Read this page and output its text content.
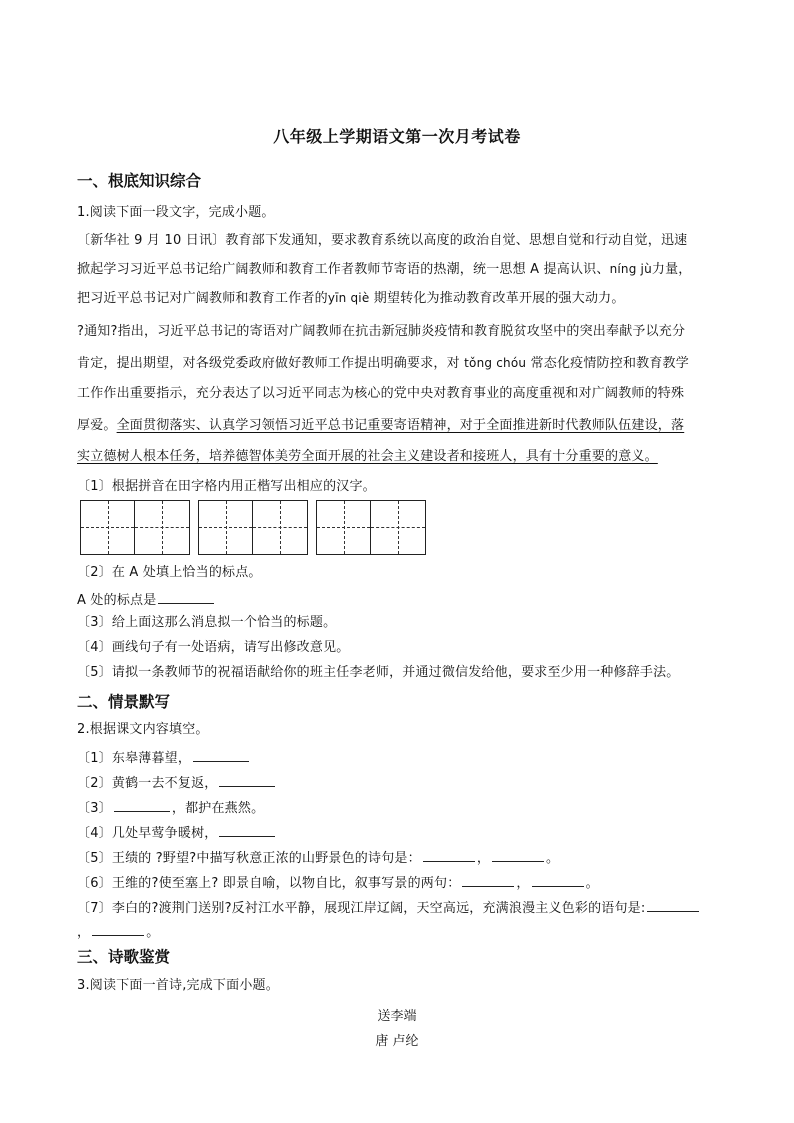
八年级上学期语文第一次月考试卷
一、根底知识综合
1.阅读下面一段文字，完成小题。
〔新华社 9 月 10 日讯〕教育部下发通知，要求教育系统以高度的政治自觉、思想自觉和行动自觉，迅速
掀起学习习近平总书记给广阔教师和教育工作者教师节寄语的热潮，统一思想 A 提高认识、níng jù力量，
把习近平总书记对广阔教师和教育工作者的yīn qiè 期望转化为推动教育改革开展的强大动力。
?通知?指出，习近平总书记的寄语对广阔教师在抗击新冠肺炎疫情和教育脱贫攻坚中的突出奉献予以充分
肯定，提出期望，对各级党委政府做好教师工作提出明确要求，对 tǒng chóu 常态化疫情防控和教育教学
工作作出重要指示，充分表达了以习近平同志为核心的党中央对教育事业的高度重视和对广阔教师的特殊
厚爱。全面贯彻落实、认真学习领悟习近平总书记重要寄语精神，对于全面推进新时代教师队伍建设，落
实立德树人根本任务，培养德智体美劳全面开展的社会主义建设者和接班人，具有十分重要的意义。
〔1〕根据拼音在田字格内用正楷写出相应的汉字。
〔2〕在 A 处填上恰当的标点。
A 处的标点是
〔3〕给上面这那么消息拟一个恰当的标题。
〔4〕画线句子有一处语病，请写出修改意见。
〔5〕请拟一条教师节的祝福语献给你的班主任李老师，并通过微信发给他，要求至少用一种修辞手法。
二、情景默写
2.根据课文内容填空。
〔1〕东皋薄暮望，
〔2〕黄鹤一去不复返，
〔3〕	，都护在燕然。
〔4〕几处早莺争暖树，
〔5〕王绩的 ?野望?中描写秋意正浓的山野景色的诗句是：	，	。
〔6〕王维的?使至塞上? 即景自喻，以物自比，叙事写景的两句：	，	。
〔7〕李白的?渡荆门送别?反衬江水平静，展现江岸辽阔，天空高远，充满浪漫主义色彩的语句是:
，	。
三、诗歌鉴赏
3.阅读下面一首诗,完成下面小题。
送李端
唐 卢纶
